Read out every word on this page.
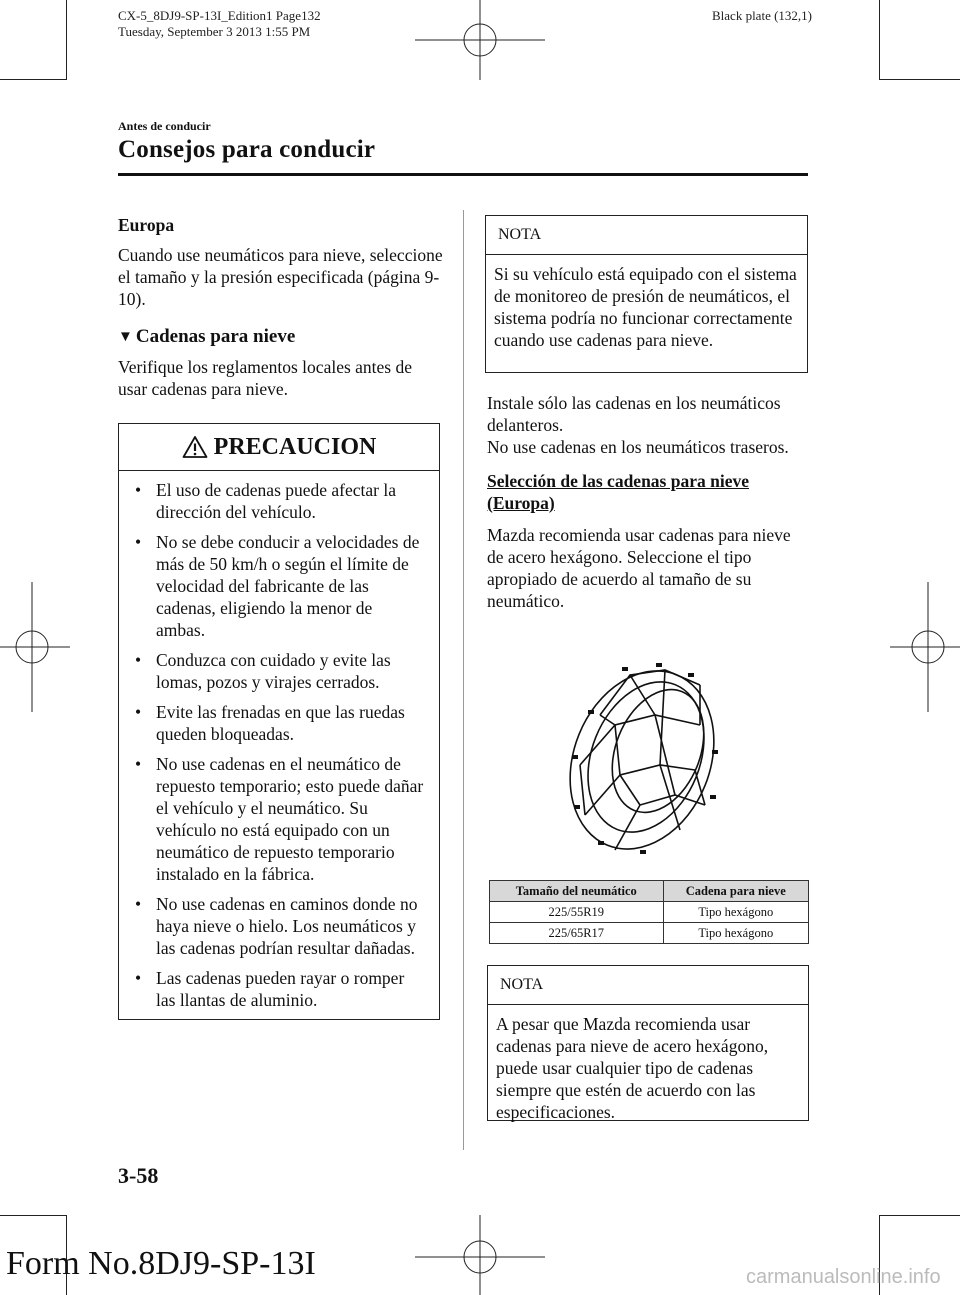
CX-5_8DJ9-SP-13I_Edition1 Page132
Tuesday, September 3 2013 1:55 PM
Black plate (132,1)
Antes de conducir
Consejos para conducir
Europa
Cuando use neumáticos para nieve, seleccione el tamaño y la presión especificada (página 9-10).
▼ Cadenas para nieve
Verifique los reglamentos locales antes de usar cadenas para nieve.
PRECAUCION
• El uso de cadenas puede afectar la dirección del vehículo.
• No se debe conducir a velocidades de más de 50 km/h o según el límite de velocidad del fabricante de las cadenas, eligiendo la menor de ambas.
• Conduzca con cuidado y evite las lomas, pozos y virajes cerrados.
• Evite las frenadas en que las ruedas queden bloqueadas.
• No use cadenas en el neumático de repuesto temporario; esto puede dañar el vehículo y el neumático. Su vehículo no está equipado con un neumático de repuesto temporario instalado en la fábrica.
• No use cadenas en caminos donde no haya nieve o hielo. Los neumáticos y las cadenas podrían resultar dañadas.
• Las cadenas pueden rayar o romper las llantas de aluminio.
NOTA
Si su vehículo está equipado con el sistema de monitoreo de presión de neumáticos, el sistema podría no funcionar correctamente cuando use cadenas para nieve.
Instale sólo las cadenas en los neumáticos delanteros.
No use cadenas en los neumáticos traseros.
Selección de las cadenas para nieve (Europa)
Mazda recomienda usar cadenas para nieve de acero hexágono. Seleccione el tipo apropiado de acuerdo al tamaño de su neumático.
Tamaño del neumático	Cadena para nieve
225/55R19	Tipo hexágono
225/65R17	Tipo hexágono
NOTA
A pesar que Mazda recomienda usar cadenas para nieve de acero hexágono, puede usar cualquier tipo de cadenas siempre que estén de acuerdo con las especificaciones.
3-58
Form No.8DJ9-SP-13I	carmanualsonline.info
